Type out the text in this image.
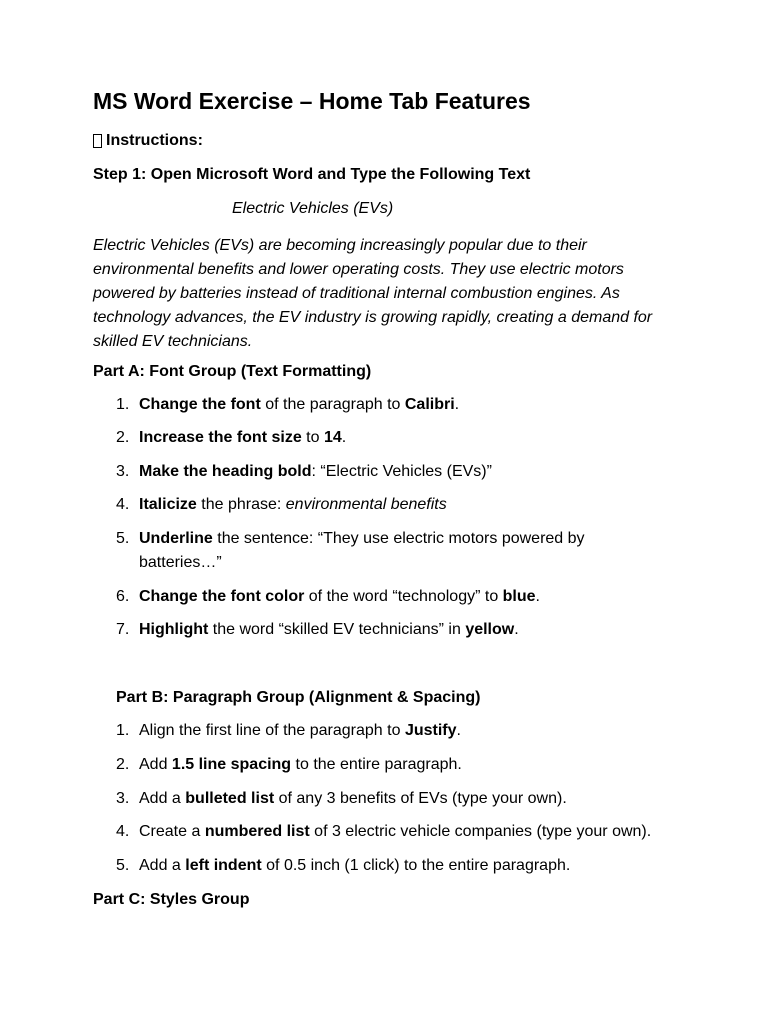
MS Word Exercise – Home Tab Features
Instructions:
Step 1: Open Microsoft Word and Type the Following Text
Electric Vehicles (EVs)
Electric Vehicles (EVs) are becoming increasingly popular due to their
environmental benefits and lower operating costs. They use electric motors
powered by batteries instead of traditional internal combustion engines. As
technology advances, the EV industry is growing rapidly, creating a demand for
skilled EV technicians.
Part A: Font Group (Text Formatting)
1. Change the font of the paragraph to Calibri.
2. Increase the font size to 14.
3. Make the heading bold: “Electric Vehicles (EVs)”
4. Italicize the phrase: environmental benefits
5. Underline the sentence: “They use electric motors powered by
batteries…”
6. Change the font color of the word “technology” to blue.
7. Highlight the word “skilled EV technicians” in yellow.
Part B: Paragraph Group (Alignment & Spacing)
1. Align the first line of the paragraph to Justify.
2. Add 1.5 line spacing to the entire paragraph.
3. Add a bulleted list of any 3 benefits of EVs (type your own).
4. Create a numbered list of 3 electric vehicle companies (type your own).
5. Add a left indent of 0.5 inch (1 click) to the entire paragraph.
Part C: Styles Group
